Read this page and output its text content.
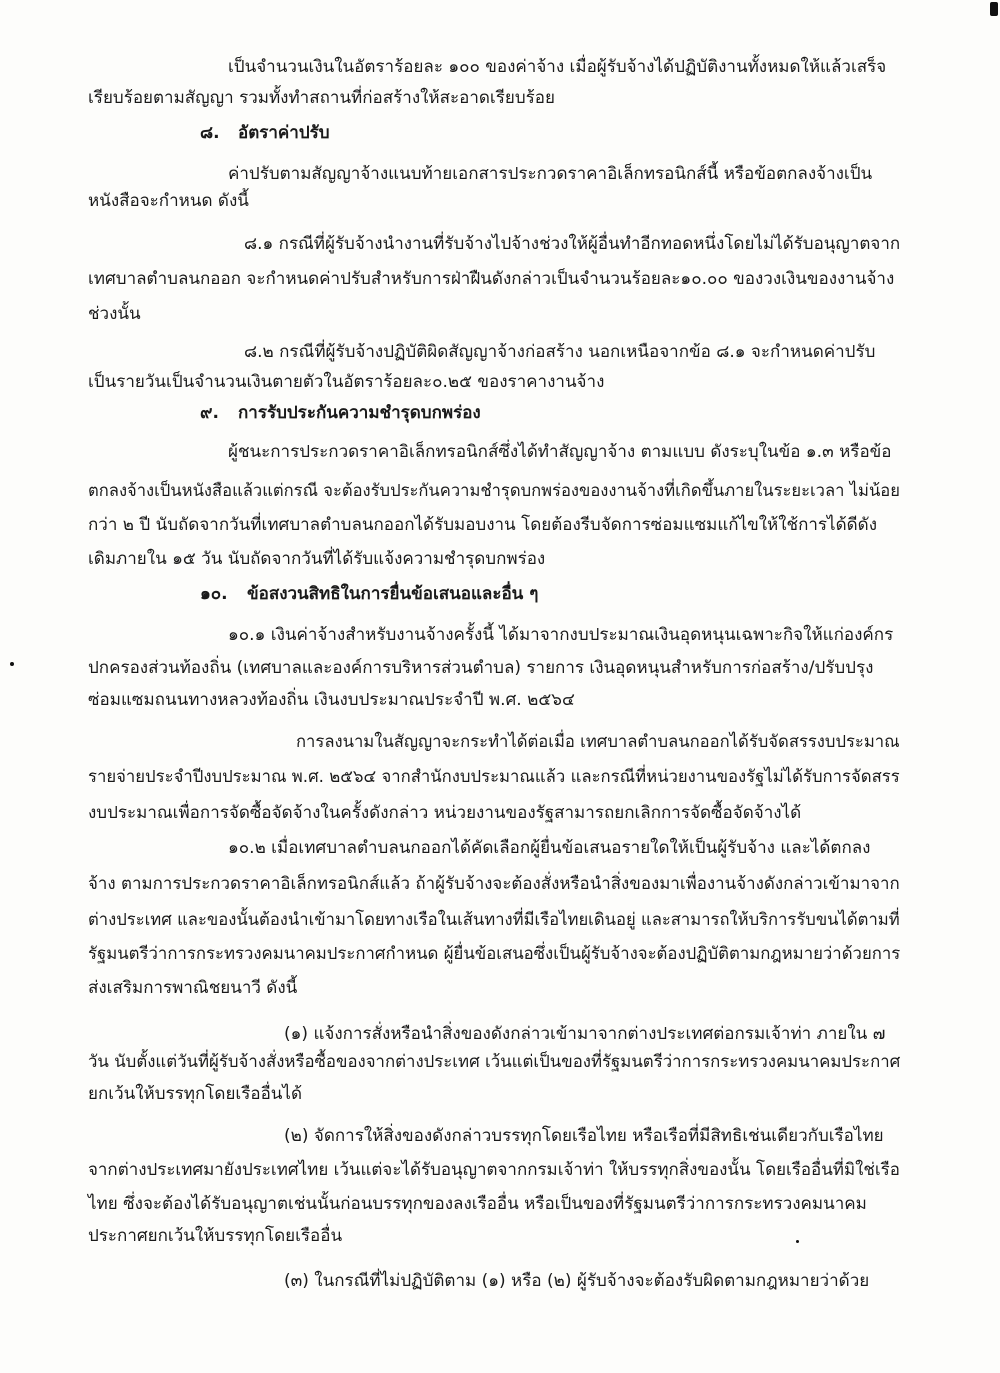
เป็นจำนวนเงินในอัตราร้อยละ ๑๐๐ ของค่าจ้าง เมื่อผู้รับจ้างได้ปฏิบัติงานทั้งหมดให้แล้วเสร็จ
เรียบร้อยตามสัญญา รวมทั้งทำสถานที่ก่อสร้างให้สะอาดเรียบร้อย
๘. อัตราค่าปรับ
ค่าปรับตามสัญญาจ้างแนบท้ายเอกสารประกวดราคาอิเล็กทรอนิกส์นี้ หรือข้อตกลงจ้างเป็น
หนังสือจะกำหนด ดังนี้
๘.๑ กรณีที่ผู้รับจ้างนำงานที่รับจ้างไปจ้างช่วงให้ผู้อื่นทำอีกทอดหนึ่งโดยไม่ได้รับอนุญาตจาก
เทศบาลตำบลนกออก จะกำหนดค่าปรับสำหรับการฝ่าฝืนดังกล่าวเป็นจำนวนร้อยละ๑๐.๐๐ ของวงเงินของงานจ้าง
ช่วงนั้น
๘.๒ กรณีที่ผู้รับจ้างปฏิบัติผิดสัญญาจ้างก่อสร้าง นอกเหนือจากข้อ ๘.๑ จะกำหนดค่าปรับ
เป็นรายวันเป็นจำนวนเงินตายตัวในอัตราร้อยละ๐.๒๕ ของราคางานจ้าง
๙. การรับประกันความชำรุดบกพร่อง
ผู้ชนะการประกวดราคาอิเล็กทรอนิกส์ซึ่งได้ทำสัญญาจ้าง ตามแบบ ดังระบุในข้อ ๑.๓ หรือข้อ
ตกลงจ้างเป็นหนังสือแล้วแต่กรณี จะต้องรับประกันความชำรุดบกพร่องของงานจ้างที่เกิดขึ้นภายในระยะเวลา ไม่น้อย
กว่า ๒ ปี นับถัดจากวันที่เทศบาลตำบลนกออกได้รับมอบงาน โดยต้องรีบจัดการซ่อมแซมแก้ไขให้ใช้การได้ดีดัง
เดิมภายใน ๑๕ วัน นับถัดจากวันที่ได้รับแจ้งความชำรุดบกพร่อง
๑๐. ข้อสงวนสิทธิในการยื่นข้อเสนอและอื่น ๆ
๑๐.๑ เงินค่าจ้างสำหรับงานจ้างครั้งนี้ ได้มาจากงบประมาณเงินอุดหนุนเฉพาะกิจให้แก่องค์กร
ปกครองส่วนท้องถิ่น (เทศบาลและองค์การบริหารส่วนตำบล) รายการ เงินอุดหนุนสำหรับการก่อสร้าง/ปรับปรุง
ซ่อมแซมถนนทางหลวงท้องถิ่น เงินงบประมาณประจำปี พ.ศ. ๒๕๖๔
การลงนามในสัญญาจะกระทำได้ต่อเมื่อ เทศบาลตำบลนกออกได้รับจัดสรรงบประมาณ
รายจ่ายประจำปีงบประมาณ พ.ศ. ๒๕๖๔ จากสำนักงบประมาณแล้ว และกรณีที่หน่วยงานของรัฐไม่ได้รับการจัดสรร
งบประมาณเพื่อการจัดซื้อจัดจ้างในครั้งดังกล่าว หน่วยงานของรัฐสามารถยกเลิกการจัดซื้อจัดจ้างได้
๑๐.๒ เมื่อเทศบาลตำบลนกออกได้คัดเลือกผู้ยื่นข้อเสนอรายใดให้เป็นผู้รับจ้าง และได้ตกลง
จ้าง ตามการประกวดราคาอิเล็กทรอนิกส์แล้ว ถ้าผู้รับจ้างจะต้องสั่งหรือนำสิ่งของมาเพื่องานจ้างดังกล่าวเข้ามาจาก
ต่างประเทศ และของนั้นต้องนำเข้ามาโดยทางเรือในเส้นทางที่มีเรือไทยเดินอยู่ และสามารถให้บริการรับขนได้ตามที่
รัฐมนตรีว่าการกระทรวงคมนาคมประกาศกำหนด ผู้ยื่นข้อเสนอซึ่งเป็นผู้รับจ้างจะต้องปฏิบัติตามกฎหมายว่าด้วยการ
ส่งเสริมการพาณิชยนาวี ดังนี้
(๑) แจ้งการสั่งหรือนำสิ่งของดังกล่าวเข้ามาจากต่างประเทศต่อกรมเจ้าท่า ภายใน ๗
วัน นับตั้งแต่วันที่ผู้รับจ้างสั่งหรือซื้อของจากต่างประเทศ เว้นแต่เป็นของที่รัฐมนตรีว่าการกระทรวงคมนาคมประกาศ
ยกเว้นให้บรรทุกโดยเรืออื่นได้
(๒) จัดการให้สิ่งของดังกล่าวบรรทุกโดยเรือไทย หรือเรือที่มีสิทธิเช่นเดียวกับเรือไทย
จากต่างประเทศมายังประเทศไทย เว้นแต่จะได้รับอนุญาตจากกรมเจ้าท่า ให้บรรทุกสิ่งของนั้น โดยเรืออื่นที่มิใช่เรือ
ไทย ซึ่งจะต้องได้รับอนุญาตเช่นนั้นก่อนบรรทุกของลงเรืออื่น หรือเป็นของที่รัฐมนตรีว่าการกระทรวงคมนาคม
ประกาศยกเว้นให้บรรทุกโดยเรืออื่น
(๓) ในกรณีที่ไม่ปฏิบัติตาม (๑) หรือ (๒) ผู้รับจ้างจะต้องรับผิดตามกฎหมายว่าด้วย
